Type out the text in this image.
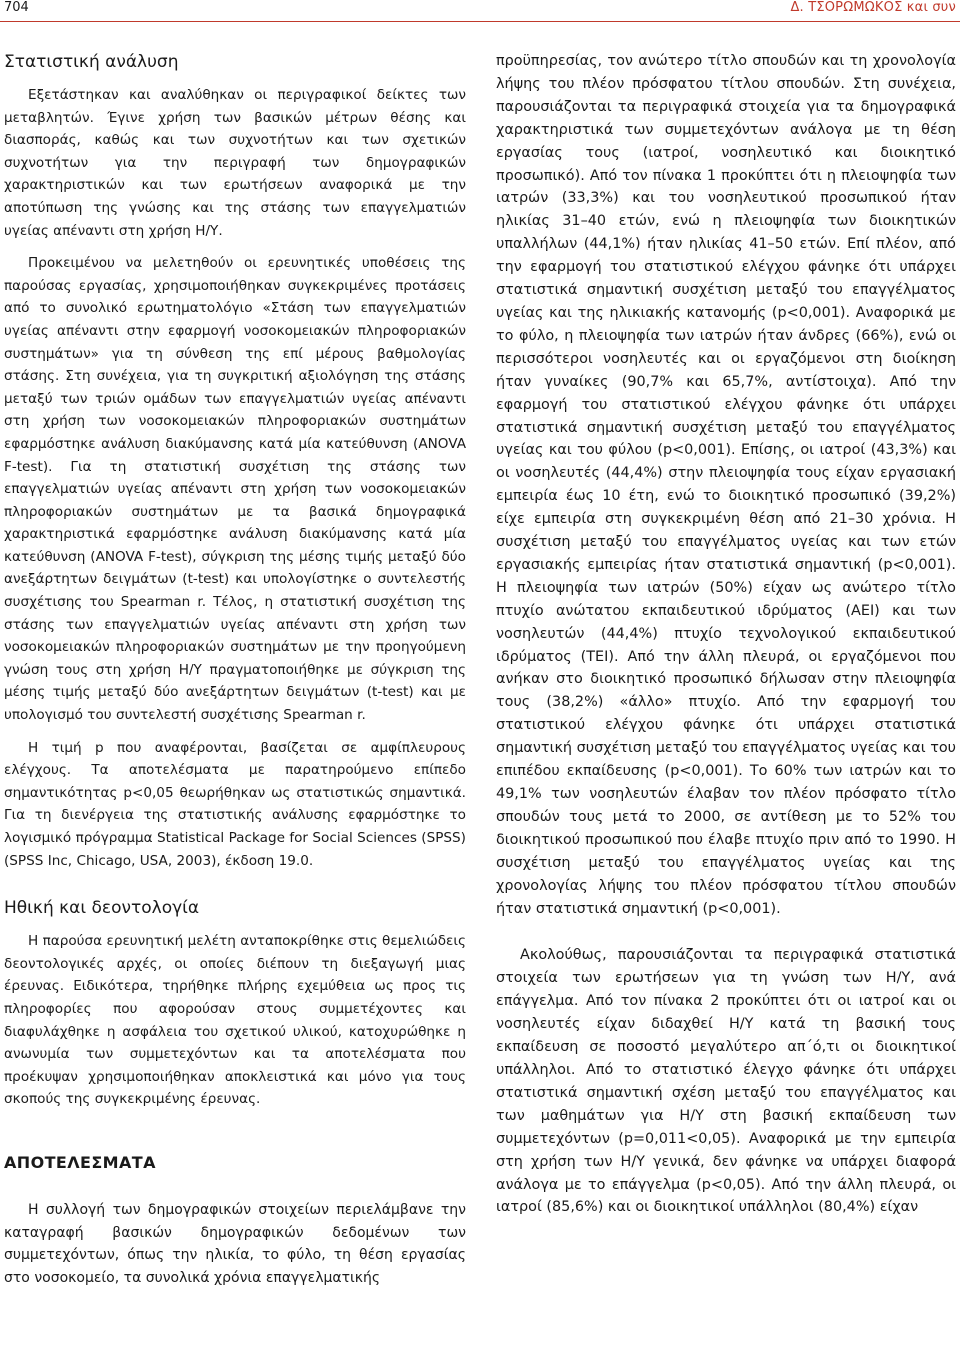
704	Δ. ΤΣΟΡΩΜΩΚΟΣ και συν
Στατιστική ανάλυση

Εξετάστηκαν και αναλύθηκαν οι περιγραφικοί δείκτες των μεταβλητών. Έγινε χρήση των βασικών μέτρων θέσης και διασποράς, καθώς και των συχνοτήτων και των σχετικών συχνοτήτων για την περιγραφή των δημογραφικών χαρακτηριστικών και των ερωτήσεων αναφορικά με την αποτύπωση της γνώσης και της στάσης των επαγγελματιών υγείας απέναντι στη χρήση Η/Υ.

Προκειμένου να μελετηθούν οι ερευνητικές υποθέσεις της παρούσας εργασίας, χρησιμοποιήθηκαν συγκεκριμένες προτάσεις από το συνολικό ερωτηματολόγιο «Στάση των επαγγελματιών υγείας απέναντι στην εφαρμογή νοσοκομειακών πληροφοριακών συστημάτων» για τη σύνθεση της επί μέρους βαθμολογίας στάσης. Στη συνέχεια, για τη συγκριτική αξιολόγηση της στάσης μεταξύ των τριών ομάδων των επαγγελματιών υγείας απέναντι στη χρήση των νοσοκομειακών πληροφοριακών συστημάτων εφαρμόστηκε ανάλυση διακύμανσης κατά μία κατεύθυνση (ANOVA F-test). Για τη στατιστική συσχέτιση της στάσης των επαγγελματιών υγείας απέναντι στη χρήση των νοσοκομειακών πληροφοριακών συστημάτων με τα βασικά δημογραφικά χαρακτηριστικά εφαρμόστηκε ανάλυση διακύμανσης κατά μία κατεύθυνση (ANOVA F-test), σύγκριση της μέσης τιμής μεταξύ δύο ανεξάρτητων δειγμάτων (t-test) και υπολογίστηκε ο συντελεστής συσχέτισης του Spearman r. Τέλος, η στατιστική συσχέτιση της στάσης των επαγγελματιών υγείας απέναντι στη χρήση των νοσοκομειακών πληροφοριακών συστημάτων με την προηγούμενη γνώση τους στη χρήση Η/Υ πραγματοποιήθηκε με σύγκριση της μέσης τιμής μεταξύ δύο ανεξάρτητων δειγμάτων (t-test) και με υπολογισμό του συντελεστή συσχέτισης Spearman r.

Η τιμή p που αναφέρονται, βασίζεται σε αμφίπλευρους ελέγχους. Τα αποτελέσματα με παρατηρούμενο επίπεδο σημαντικότητας p<0,05 θεωρήθηκαν ως στατιστικώς σημαντικά. Για τη διενέργεια της στατιστικής ανάλυσης εφαρμόστηκε το λογισμικό πρόγραμμα Statistical Package for Social Sciences (SPSS) (SPSS Inc, Chicago, USA, 2003), έκδοση 19.0.

Ηθική και δεοντολογία

Η παρούσα ερευνητική μελέτη ανταποκρίθηκε στις θεμελιώδεις δεοντολογικές αρχές, οι οποίες διέπουν τη διεξαγωγή μιας έρευνας. Ειδικότερα, τηρήθηκε πλήρης εχεμύθεια ως προς τις πληροφορίες που αφορούσαν στους συμμετέχοντες και διαφυλάχθηκε η ασφάλεια του σχετικού υλικού, κατοχυρώθηκε η ανωνυμία των συμμετεχόντων και τα αποτελέσματα που προέκυψαν χρησιμοποιήθηκαν αποκλειστικά και μόνο για τους σκοπούς της συγκεκριμένης έρευνας.

ΑΠΟΤΕΛΕΣΜΑΤΑ

Η συλλογή των δημογραφικών στοιχείων περιελάμβανε την καταγραφή βασικών δημογραφικών δεδομένων των συμμετεχόντων, όπως την ηλικία, το φύλο, τη θέση εργασίας στο νοσοκομείο, τα συνολικά χρόνια επαγγελματικής

προϋπηρεσίας, τον ανώτερο τίτλο σπουδών και τη χρονολογία λήψης του πλέον πρόσφατου τίτλου σπουδών. Στη συνέχεια, παρουσιάζονται τα περιγραφικά στοιχεία για τα δημογραφικά χαρακτηριστικά των συμμετεχόντων ανάλογα με τη θέση εργασίας τους (ιατροί, νοσηλευτικό και διοικητικό προσωπικό). Από τον πίνακα 1 προκύπτει ότι η πλειοψηφία των ιατρών (33,3%) και του νοσηλευτικού προσωπικού ήταν ηλικίας 31–40 ετών, ενώ η πλειοψηφία των διοικητικών υπαλλήλων (44,1%) ήταν ηλικίας 41–50 ετών. Επί πλέον, από την εφαρμογή του στατιστικού ελέγχου φάνηκε ότι υπάρχει στατιστικά σημαντική συσχέτιση μεταξύ του επαγγέλματος υγείας και της ηλικιακής κατανομής (p<0,001). Αναφορικά με το φύλο, η πλειοψηφία των ιατρών ήταν άνδρες (66%), ενώ οι περισσότεροι νοσηλευτές και οι εργαζόμενοι στη διοίκηση ήταν γυναίκες (90,7% και 65,7%, αντίστοιχα). Από την εφαρμογή του στατιστικού ελέγχου φάνηκε ότι υπάρχει στατιστικά σημαντική συσχέτιση μεταξύ του επαγγέλματος υγείας και του φύλου (p<0,001). Επίσης, οι ιατροί (43,3%) και οι νοσηλευτές (44,4%) στην πλειοψηφία τους είχαν εργασιακή εμπειρία έως 10 έτη, ενώ το διοικητικό προσωπικό (39,2%) είχε εμπειρία στη συγκεκριμένη θέση από 21–30 χρόνια. Η συσχέτιση μεταξύ του επαγγέλματος υγείας και των ετών εργασιακής εμπειρίας ήταν στατιστικά σημαντική (p<0,001). Η πλειοψηφία των ιατρών (50%) είχαν ως ανώτερο τίτλο πτυχίο ανώτατου εκπαιδευτικού ιδρύματος (ΑΕΙ) και των νοσηλευτών (44,4%) πτυχίο τεχνολογικού εκπαιδευτικού ιδρύματος (ΤΕΙ). Από την άλλη πλευρά, οι εργαζόμενοι που ανήκαν στο διοικητικό προσωπικό δήλωσαν στην πλειοψηφία τους (38,2%) «άλλο» πτυχίο. Από την εφαρμογή του στατιστικού ελέγχου φάνηκε ότι υπάρχει στατιστικά σημαντική συσχέτιση μεταξύ του επαγγέλματος υγείας και του επιπέδου εκπαίδευσης (p<0,001). Το 60% των ιατρών και το 49,1% των νοσηλευτών έλαβαν τον πλέον πρόσφατο τίτλο σπουδών τους μετά το 2000, σε αντίθεση με το 52% του διοικητικού προσωπικού που έλαβε πτυχίο πριν από το 1990. Η συσχέτιση μεταξύ του επαγγέλματος υγείας και της χρονολογίας λήψης του πλέον πρόσφατου τίτλου σπουδών ήταν στατιστικά σημαντική (p<0,001).

Ακολούθως, παρουσιάζονται τα περιγραφικά στατιστικά στοιχεία των ερωτήσεων για τη γνώση των Η/Υ, ανά επάγγελμα. Από τον πίνακα 2 προκύπτει ότι οι ιατροί και οι νοσηλευτές είχαν διδαχθεί Η/Υ κατά τη βασική τους εκπαίδευση σε ποσοστό μεγαλύτερο απ΄ό,τι οι διοικητικοί υπάλληλοι. Από το στατιστικό έλεγχο φάνηκε ότι υπάρχει στατιστικά σημαντική σχέση μεταξύ του επαγγέλματος και των μαθημάτων για Η/Υ στη βασική εκπαίδευση των συμμετεχόντων (p=0,011<0,05). Αναφορικά με την εμπειρία στη χρήση των Η/Υ γενικά, δεν φάνηκε να υπάρχει διαφορά ανάλογα με το επάγγελμα (p<0,05). Από την άλλη πλευρά, οι ιατροί (85,6%) και οι διοικητικοί υπάλληλοι (80,4%) είχαν
